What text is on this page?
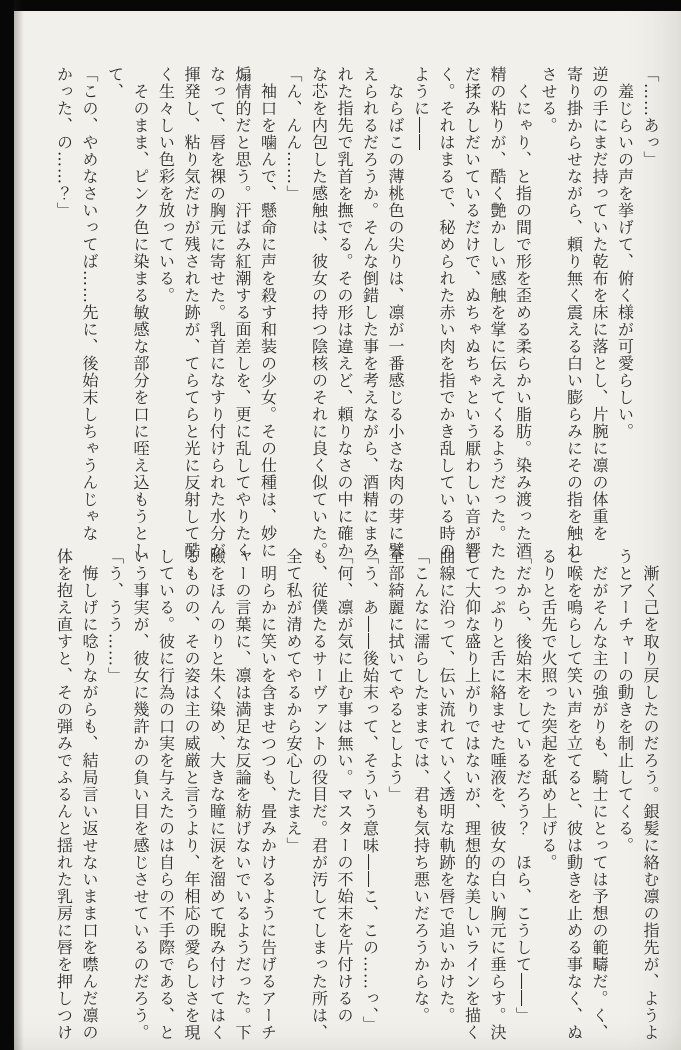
「……あっ」
羞じらいの声を挙げて、俯く様が可愛らしい。
逆の手にまだ持っていた乾布を床に落とし、片腕に凛の体重を
寄り掛からせながら、頼り無く震える白い膨らみにその指を触れ
させる。
くにゃり、と指の間で形を歪める柔らかい脂肪。染み渡った酒
精の粘りが、酷く艶かしい感触を掌に伝えてくるようだった。た
だ揉みしだいているだけで、ぬちゃぬちゃという厭わしい音が響
く。それはまるで、秘められた赤い肉を指でかき乱している時の
ように――
ならばこの薄桃色の尖りは、凛が一番感じる小さな肉の芽に譬
えられるだろうか。そんな倒錯した事を考えながら、酒精にまみ
れた指先で乳首を撫でる。その形は違えど、頼りなさの中に確か
な芯を内包した感触は、彼女の持つ陰核のそれに良く似ていた。
「ん、んん……」
袖口を噛んで、懸命に声を殺す和装の少女。その仕種は、妙に
煽情的だと思う。汗ばみ紅潮する面差しを、更に乱してやりたく
なって、唇を裸の胸元に寄せた。乳首になすり付けられた水分が
揮発し、粘り気だけが残された跡が、てらてらと光に反射して酷
く生々しい色彩を放っている。
そのまま、ピンク色に染まる敏感な部分を口に咥え込もうとし
て、
「この、やめなさいってば……先に、後始末しちゃうんじゃな
かった、の……？」
漸く己を取り戻したのだろう。銀髪に絡む凛の指先が、ようよ
うとアーチャーの動きを制止してくる。
だがそんな主の強がりも、騎士にとっては予想の範疇だ。く、
と喉を鳴らして笑い声を立てると、彼は動きを止める事なく、ぬ
るりと舌先で火照った突起を舐め上げる。
「だから、後始末をしているだろう？　ほら、こうして――」
たっぷりと舌に絡ませた唾液を、彼女の白い胸元に垂らす。決
して大仰な盛り上がりではないが、理想的な美しいラインを描く
曲線に沿って、伝い流れていく透明な軌跡を唇で追いかけた。
「こんなに濡らしたままでは、君も気持ち悪いだろうからな。
全部綺麗に拭いてやるとしよう」
「う、あ――後始末って、そういう意味――こ、この……っ、」
「何、凛が気に止む事は無い。マスターの不始末を片付けるの
も、従僕たるサーヴァントの役目だ。君が汚してしまった所は、
全て私が清めてやるから安心したまえ」
明らかに笑いを含ませつつも、畳みかけるように告げるアーチ
ャーの言葉に、凛は満足な反論を紡げないでいるようだった。下
瞼をほんのりと朱く染め、大きな瞳に涙を溜めて睨み付けてはく
るものの、その姿は主の威厳と言うより、年相応の愛らしさを現
している。彼に行為の口実を与えたのは自らの不手際である、と
いう事実が、彼女に幾許かの負い目を感じさせているのだろう。
「う、うう……」
悔しげに唸りながらも、結局言い返せないまま口を噤んだ凛の
体を抱え直すと、その弾みでふるんと揺れた乳房に唇を押しつけ
